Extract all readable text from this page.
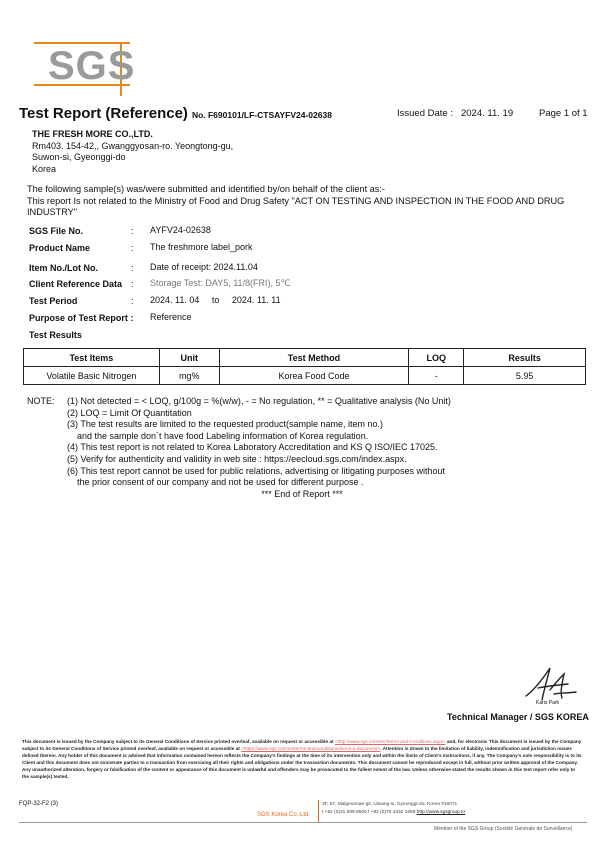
SGS
Test Report (Reference) No. F690101/LF-CTSAYFV24-02638	Issued Date : 2024. 11. 19	Page 1 of 1
THE FRESH MORE CO.,LTD.
Rm403. 154-42,, Gwanggyosan-ro. Yeongtong-gu,
Suwon-si, Gyeonggi-do
Korea
The following sample(s) was/were submitted and identified by/on behalf of the client as:-
This report Is not related to the Ministry of Food and Drug Safety "ACT ON TESTING AND INSPECTION IN THE FOOD AND DRUG INDUSTRY"
SGS File No.	: AYFV24-02638
Product Name	: The freshmore label_pork
Item No./Lot No.	: Date of receipt: 2024.11.04
Client Reference Data : Storage Test: DAY5, 11/8(FRI), 5℃
Test Period	: 2024. 11. 04     to     2024. 11. 11
Purpose of Test Report : Reference
Test Results
Test Items	Unit	Test Method	LOQ	Results
Volatile Basic Nitrogen	mg%	Korea Food Code	-	5.95
NOTE: (1) Not detected = < LOQ, g/100g = %(w/w), - = No regulation, ** = Qualitative analysis (No Unit)
(2) LOQ = Limit Of Quantitation
(3) The test results are limited to the requested product(sample name, item no.)
and the sample don`t have food Labeling information of Korea regulation.
(4) This test report is not related to Korea Laboratory Accreditation and KS Q ISO/IEC 17025.
(5) Verify for authenticity and validity in web site : https://eecloud.sgs.com/index.aspx.
(6) This test report cannot be used for public relations, advertising or litigating purposes without
the prior consent of our company and not be used for different purpose .
*** End of Report ***
Karis Park
Technical Manager / SGS KOREA
This document is issued by the Company subject to its General Conditions of Service printed overleaf, available on request or accessible at <http://www.sgs.com/en/Terms-and-Conditions.aspx> and, for electronic This document is issued by the Company subject to its General Conditions of Service printed overleaf, available on request or accessible at <https://www.sgs.com/en/terms-and-conditions/terms-e-document>. Attention is drawn to the limitation of liability, indemnification and jurisdiction issues defined therein. Any holder of this document is advised that information contained hereon reflects the Company's findings at the time of its intervention only and within the limits of Client's instructions, if any. The Company's sole responsibility is to its Client and this document does not exonerate parties to a transaction from exercising all their rights and obligations under the transaction documents. This document cannot be reproduced except in full, without prior written approval of the Company. Any unauthorized alteration, forgery or falsification of the content or appearance of this document is unlawful and offenders may be prosecuted to the fullest extent of the law. Unless otherwise stated the results shown in this test report refer only to the sample(s) tested.
FQP-32-F2 (3)
SGS Korea Co.,Ltd.
3F, 67, Malgeunnae-gil, Uiwang-si, Gyeonggi-do, Korea #16071
t +82 (0)31 689 8600 f +82 (0)70 4332 1659 http://www.sgsgroup.kr
Member of the SGS Group (Société Générale de Surveillance)
